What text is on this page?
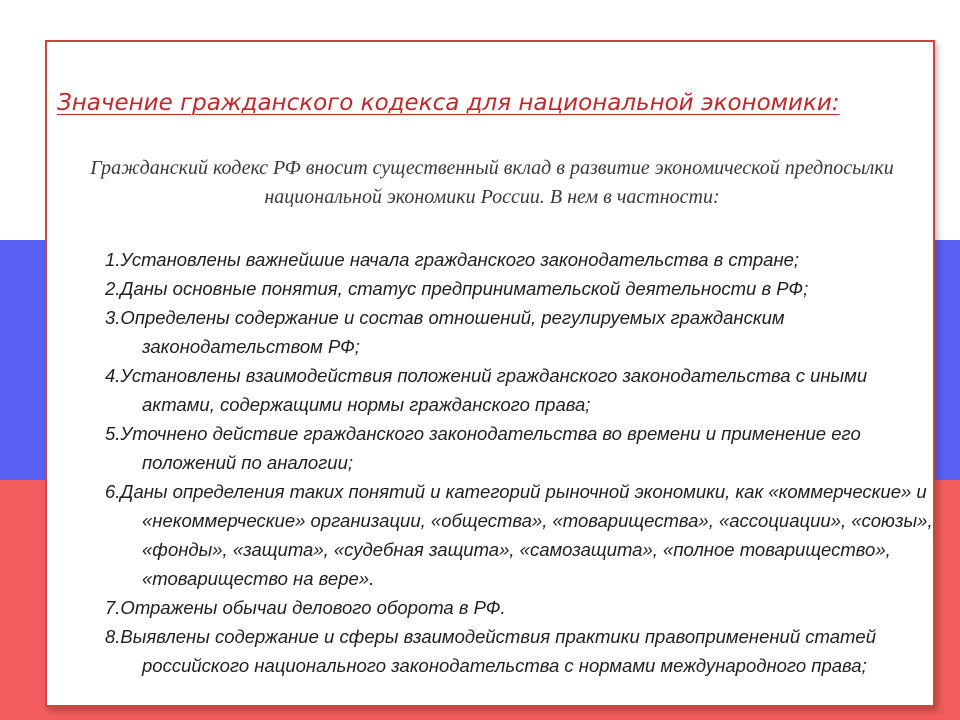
Значение гражданского кодекса для национальной экономики:

Гражданский кодекс РФ вносит существенный вклад в развитие экономической предпосылки национальной экономики России. В нем в частности:

1.Установлены важнейшие начала гражданского законодательства в стране;
2.Даны основные понятия, статус предпринимательской деятельности в РФ;
3.Определены содержание и состав отношений, регулируемых гражданским законодательством РФ;
4.Установлены взаимодействия положений гражданского законодательства с иными актами, содержащими нормы гражданского права;
5.Уточнено действие гражданского законодательства во времени и применение его положений по аналогии;
6.Даны определения таких понятий и категорий рыночной экономики, как «коммерческие» и «некоммерческие» организации, «общества», «товарищества», «ассоциации», «союзы», «фонды», «защита», «судебная защита», «самозащита», «полное товарищество», «товарищество на вере».
7.Отражены обычаи делового оборота в РФ.
8.Выявлены содержание и сферы взаимодействия практики правоприменений статей российского национального законодательства с нормами международного права;
